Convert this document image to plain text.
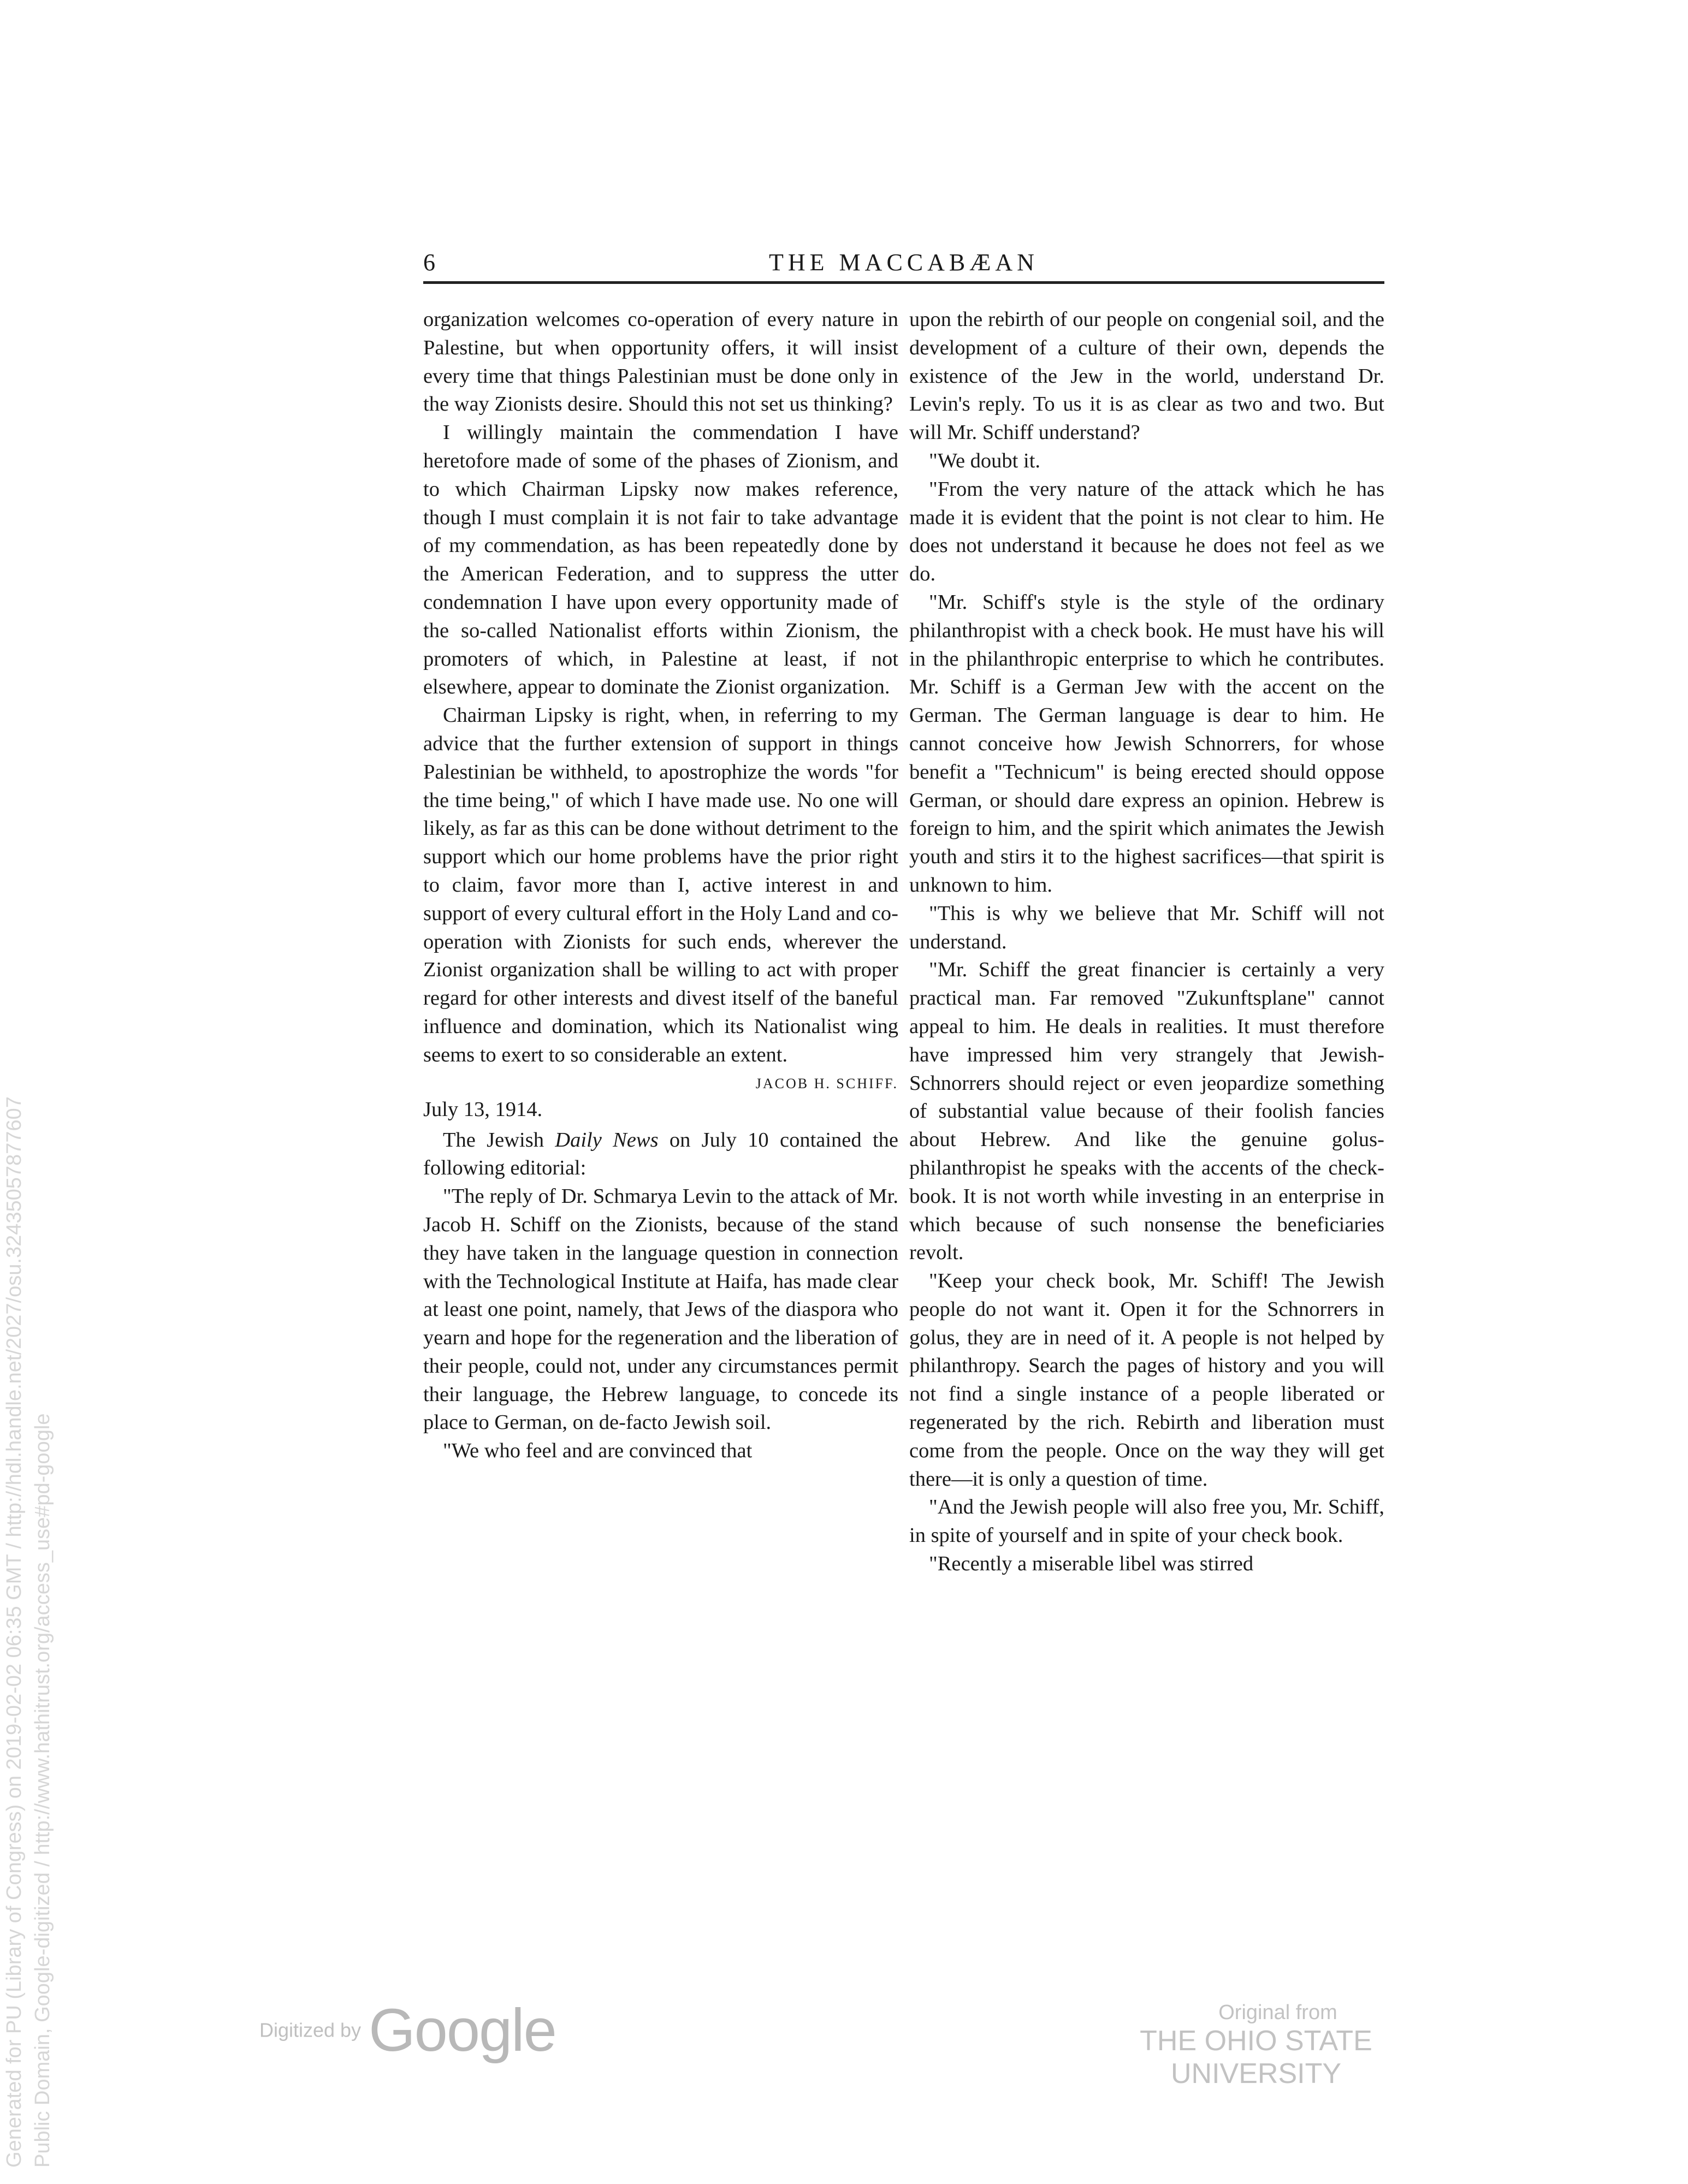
6	THE MACCABÆAN

organization welcomes co-operation of every nature in Palestine, but when opportunity offers, it will insist every time that things Palestinian must be done only in the way Zionists desire. Should this not set us thinking?

I willingly maintain the commendation I have heretofore made of some of the phases of Zionism, and to which Chairman Lipsky now makes reference, though I must complain it is not fair to take advantage of my commendation, as has been repeatedly done by the American Federation, and to suppress the utter condemnation I have upon every opportunity made of the so-called Nationalist efforts within Zionism, the promoters of which, in Palestine at least, if not elsewhere, appear to dominate the Zionist organization.

Chairman Lipsky is right, when, in referring to my advice that the further extension of support in things Palestinian be withheld, to apostrophize the words "for the time being," of which I have made use. No one will likely, as far as this can be done without detriment to the support which our home problems have the prior right to claim, favor more than I, active interest in and support of every cultural effort in the Holy Land and co-operation with Zionists for such ends, wherever the Zionist organization shall be willing to act with proper regard for other interests and divest itself of the baneful influence and domination, which its Nationalist wing seems to exert to so considerable an extent.

JACOB H. SCHIFF.
July 13, 1914.

The Jewish Daily News on July 10 contained the following editorial:

"The reply of Dr. Schmarya Levin to the attack of Mr. Jacob H. Schiff on the Zionists, because of the stand they have taken in the language question in connection with the Technological Institute at Haifa, has made clear at least one point, namely, that Jews of the diaspora who yearn and hope for the regeneration and the liberation of their people, could not, under any circumstances permit their language, the Hebrew language, to concede its place to German, on de-facto Jewish soil.

"We who feel and are convinced that

upon the rebirth of our people on congenial soil, and the development of a culture of their own, depends the existence of the Jew in the world, understand Dr. Levin's reply. To us it is as clear as two and two. But will Mr. Schiff understand?

"We doubt it.

"From the very nature of the attack which he has made it is evident that the point is not clear to him. He does not understand it because he does not feel as we do.

"Mr. Schiff's style is the style of the ordinary philanthropist with a check book. He must have his will in the philanthropic enterprise to which he contributes. Mr. Schiff is a German Jew with the accent on the German. The German language is dear to him. He cannot conceive how Jewish Schnorrers, for whose benefit a "Technicum" is being erected should oppose German, or should dare express an opinion. Hebrew is foreign to him, and the spirit which animates the Jewish youth and stirs it to the highest sacrifices—that spirit is unknown to him.

"This is why we believe that Mr. Schiff will not understand.

"Mr. Schiff the great financier is certainly a very practical man. Far removed "Zukunftsplane" cannot appeal to him. He deals in realities. It must therefore have impressed him very strangely that Jewish-Schnorrers should reject or even jeopardize something of substantial value because of their foolish fancies about Hebrew. And like the genuine golus-philanthropist he speaks with the accents of the check-book. It is not worth while investing in an enterprise in which because of such nonsense the beneficiaries revolt.

"Keep your check book, Mr. Schiff! The Jewish people do not want it. Open it for the Schnorrers in golus, they are in need of it. A people is not helped by philanthropy. Search the pages of history and you will not find a single instance of a people liberated or regenerated by the rich. Rebirth and liberation must come from the people. Once on the way they will get there—it is only a question of time.

"And the Jewish people will also free you, Mr. Schiff, in spite of yourself and in spite of your check book.

"Recently a miserable libel was stirred

Generated for PU (Library of Congress) on 2019-02-02 06:35 GMT / http://hdl.handle.net/2027/osu.32435057877607 Public Domain, Google-digitized / http://www.hathitrust.org/access_use#pd-google	Digitized by Google	Original from
THE OHIO STATE UNIVERSITY
